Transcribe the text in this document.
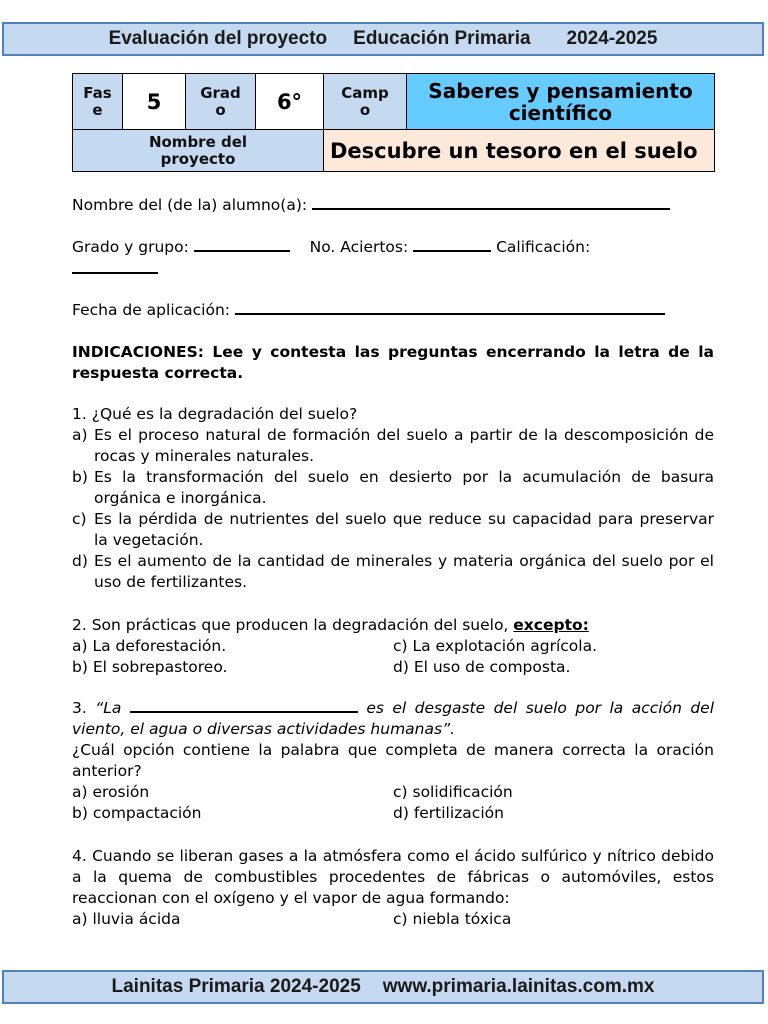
Evaluación del proyecto Educación Primaria 2024-2025
Fase	5	Grado	6°	Campo	Saberes y pensamiento científico
Nombre del proyecto				Descubre un tesoro en el suelo	
Nombre del (de la) alumno(a):
Grado y grupo:	No. Aciertos:	Calificación:
Fecha de aplicación:
INDICACIONES: Lee y contesta las preguntas encerrando la letra de la respuesta correcta.
1. ¿Qué es la degradación del suelo?
a) Es el proceso natural de formación del suelo a partir de la descomposición de rocas y minerales naturales.
b) Es la transformación del suelo en desierto por la acumulación de basura orgánica e inorgánica.
c) Es la pérdida de nutrientes del suelo que reduce su capacidad para preservar la vegetación.
d) Es el aumento de la cantidad de minerales y materia orgánica del suelo por el uso de fertilizantes.
2. Son prácticas que producen la degradación del suelo, excepto:
a) La deforestación.	c) La explotación agrícola.
b) El sobrepastoreo.	d) El uso de composta.
3. “La	es el desgaste del suelo por la acción del viento, el agua o diversas actividades humanas”.
¿Cuál opción contiene la palabra que completa de manera correcta la oración anterior?
a) erosión	c) solidificación
b) compactación	d) fertilización
4. Cuando se liberan gases a la atmósfera como el ácido sulfúrico y nítrico debido a la quema de combustibles procedentes de fábricas o automóviles, estos reaccionan con el oxígeno y el vapor de agua formando:
a) lluvia ácida	c) niebla tóxica
Lainitas Primaria 2024-2025 www.primaria.lainitas.com.mx
